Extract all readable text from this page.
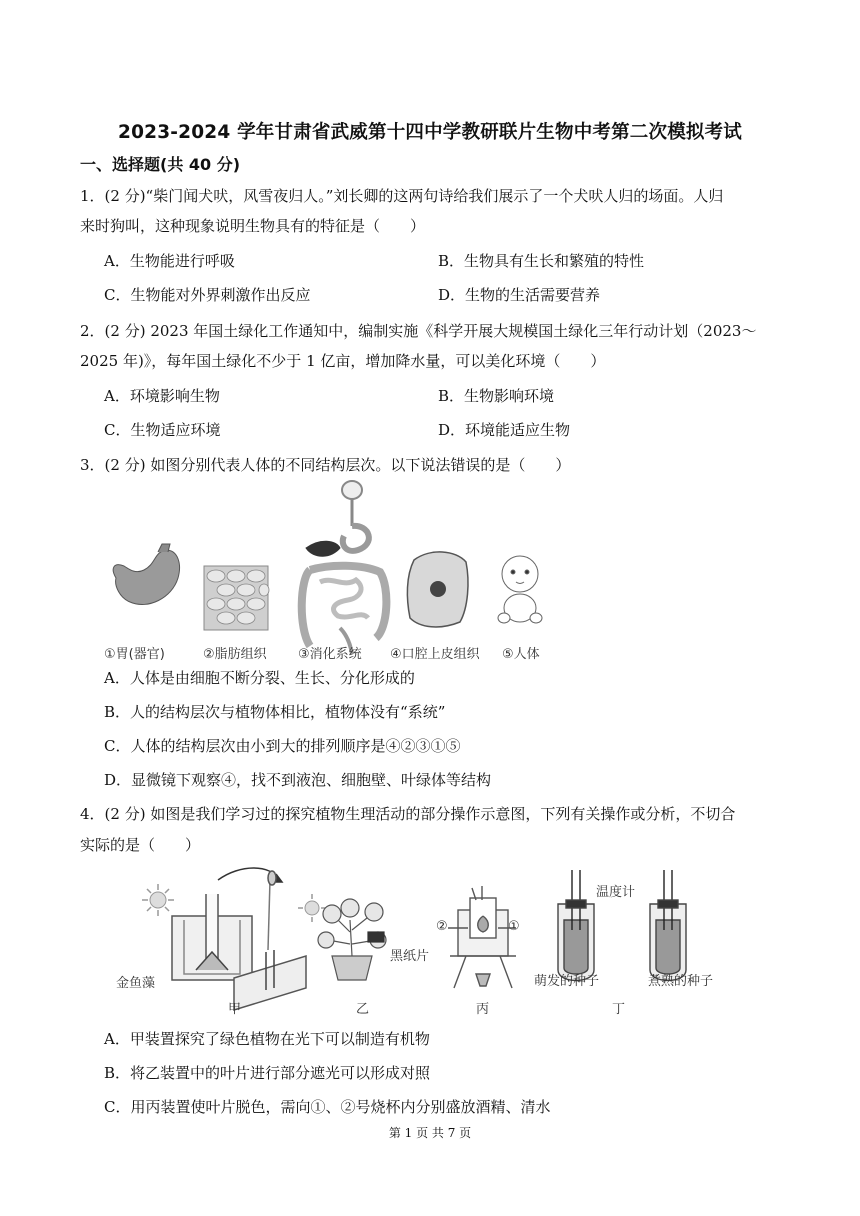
2023-2024 学年甘肃省武威第十四中学教研联片生物中考第二次模拟考试
一、选择题(共 40 分)
1．(2 分)“柴门闻犬吠，风雪夜归人。”刘长卿的这两句诗给我们展示了一个犬吠人归的场面。人归
来时狗叫，这种现象说明生物具有的特征是（　　）
A．生物能进行呼吸	B．生物具有生长和繁殖的特性
C．生物能对外界刺激作出反应	D．生物的生活需要营养
2．(2 分) 2023 年国土绿化工作通知中，编制实施《科学开展大规模国土绿化三年行动计划（2023～
2025 年)》，每年国土绿化不少于 1 亿亩，增加降水量，可以美化环境（　　）
A．环境影响生物	B．生物影响环境
C．生物适应环境	D．环境能适应生物
3．(2 分) 如图分别代表人体的不同结构层次。以下说法错误的是（　　）
①胃(器官)	②脂肪组织 ③消化系统 ④口腔上皮组织 ⑤人体
A．人体是由细胞不断分裂、生长、分化形成的
B．人的结构层次与植物体相比，植物体没有“系统”
C．人体的结构层次由小到大的排列顺序是④②③①⑤
D．显微镜下观察④，找不到液泡、细胞壁、叶绿体等结构
4．(2 分) 如图是我们学习过的探究植物生理活动的部分操作示意图，下列有关操作或分析，不切合
实际的是（　　）
金鱼藻
黑纸片
温度计
萌发的种子	煮熟的种子
②	①
甲	乙	丙	丁
A．甲装置探究了绿色植物在光下可以制造有机物
B．将乙装置中的叶片进行部分遮光可以形成对照
C．用丙装置使叶片脱色，需向①、②号烧杯内分别盛放酒精、清水
第 1 页 共 7 页
